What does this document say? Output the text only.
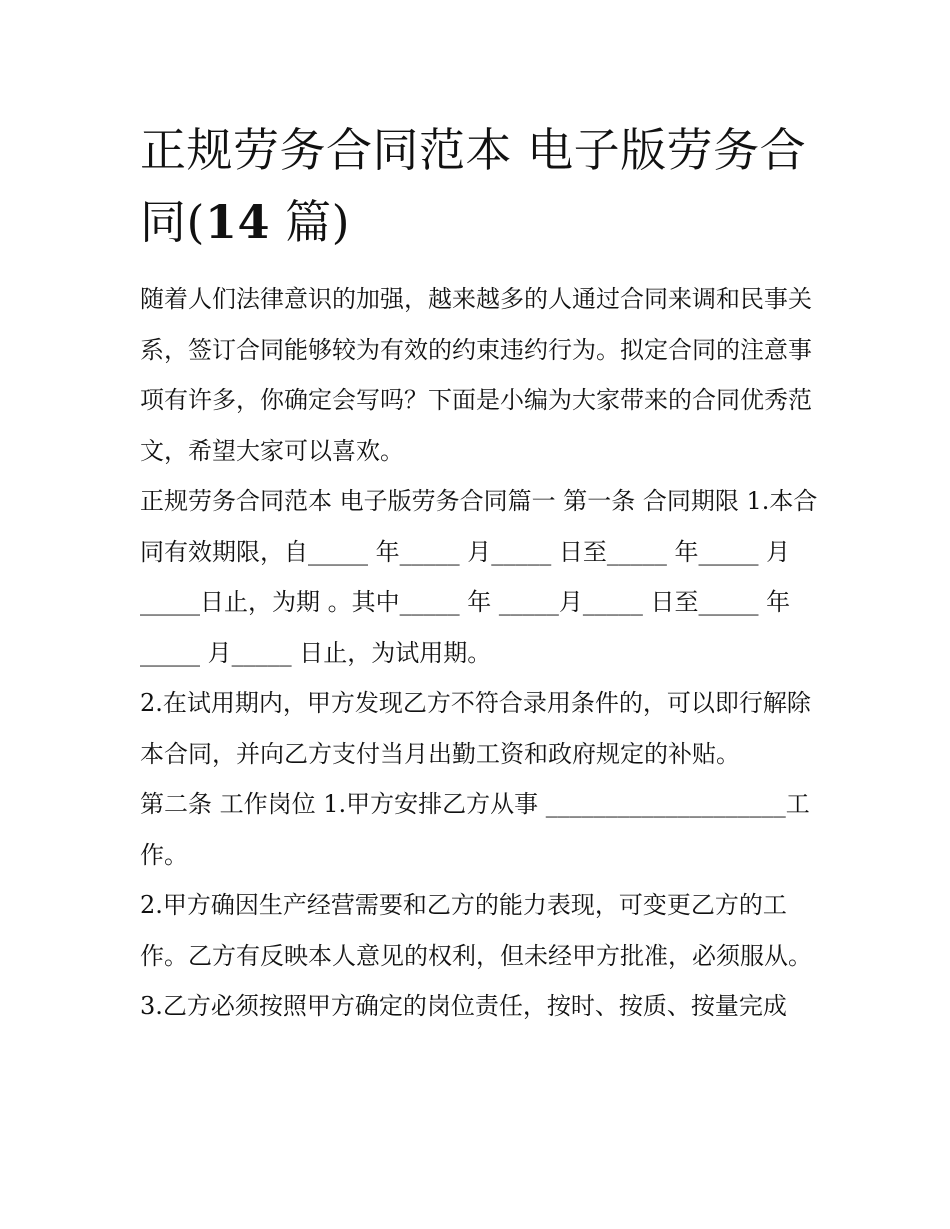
正规劳务合同范本 电子版劳务合同(14 篇)

随着人们法律意识的加强，越来越多的人通过合同来调和民事关系，签订合同能够较为有效的约束违约行为。拟定合同的注意事项有许多，你确定会写吗？下面是小编为大家带来的合同优秀范文，希望大家可以喜欢。

正规劳务合同范本 电子版劳务合同篇一 第一条 合同期限 1.本合同有效期限，自_____ 年_____ 月_____ 日至_____ 年_____ 月 _____日止，为期 。其中_____ 年 _____月_____ 日至_____ 年 _____ 月_____ 日止，为试用期。

2.在试用期内，甲方发现乙方不符合录用条件的，可以即行解除本合同，并向乙方支付当月出勤工资和政府规定的补贴。

第二条 工作岗位 1.甲方安排乙方从事 ____________________工作。

2.甲方确因生产经营需要和乙方的能力表现，可变更乙方的工作。乙方有反映本人意见的权利，但未经甲方批准，必须服从。

3.乙方必须按照甲方确定的岗位责任，按时、按质、按量完成
